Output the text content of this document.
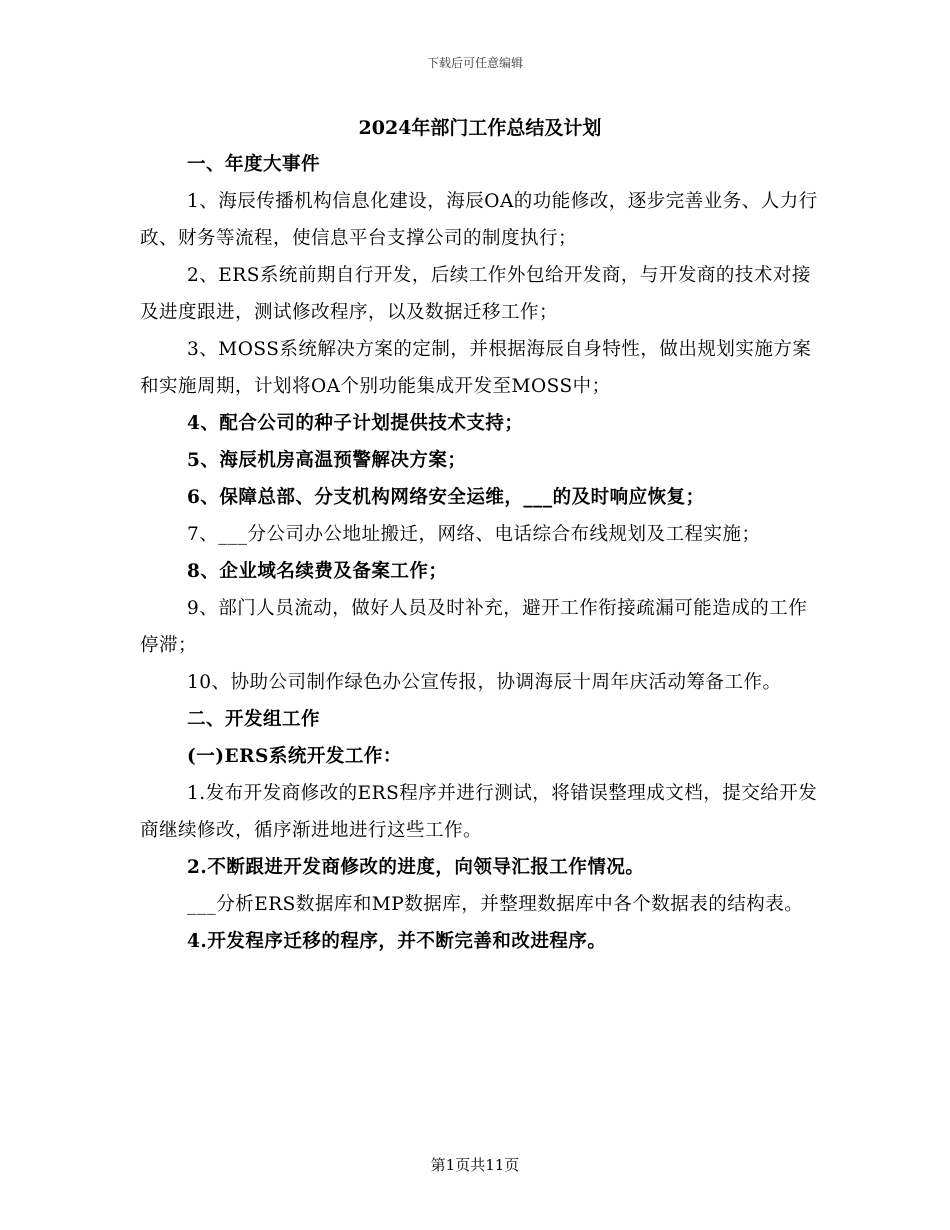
下载后可任意编辑
2024年部门工作总结及计划

一、年度大事件

1、海辰传播机构信息化建设，海辰OA的功能修改，逐步完善业务、人力行政、财务等流程，使信息平台支撑公司的制度执行；

2、ERS系统前期自行开发，后续工作外包给开发商，与开发商的技术对接及进度跟进，测试修改程序，以及数据迁移工作；

3、MOSS系统解决方案的定制，并根据海辰自身特性，做出规划实施方案和实施周期，计划将OA个别功能集成开发至MOSS中；

4、配合公司的种子计划提供技术支持；

5、海辰机房高温预警解决方案；

6、保障总部、分支机构网络安全运维，___的及时响应恢复；

7、___分公司办公地址搬迁，网络、电话综合布线规划及工程实施；

8、企业域名续费及备案工作；

9、部门人员流动，做好人员及时补充，避开工作衔接疏漏可能造成的工作停滞；

10、协助公司制作绿色办公宣传报，协调海辰十周年庆活动筹备工作。

二、开发组工作

(一)ERS系统开发工作：

1.发布开发商修改的ERS程序并进行测试，将错误整理成文档，提交给开发商继续修改，循序渐进地进行这些工作。

2.不断跟进开发商修改的进度，向领导汇报工作情况。

___分析ERS数据库和MP数据库，并整理数据库中各个数据表的结构表。

4.开发程序迁移的程序，并不断完善和改进程序。

第1页共11页
